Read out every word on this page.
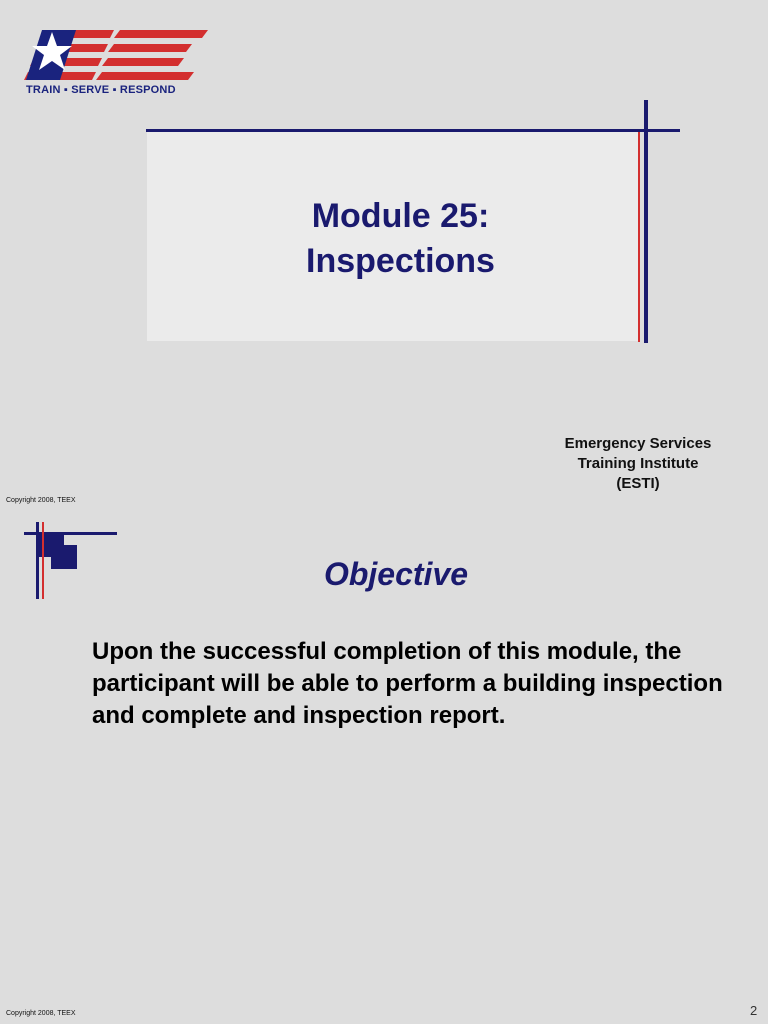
TRAIN ▪ SERVE ▪ RESPOND
Module 25:
Inspections
Emergency Services
Training Institute
(ESTI)
Copyright 2008, TEEX
Objective
Upon the successful completion of this module, the participant will be able to perform a building inspection and complete and inspection report.
Copyright 2008, TEEX	2
